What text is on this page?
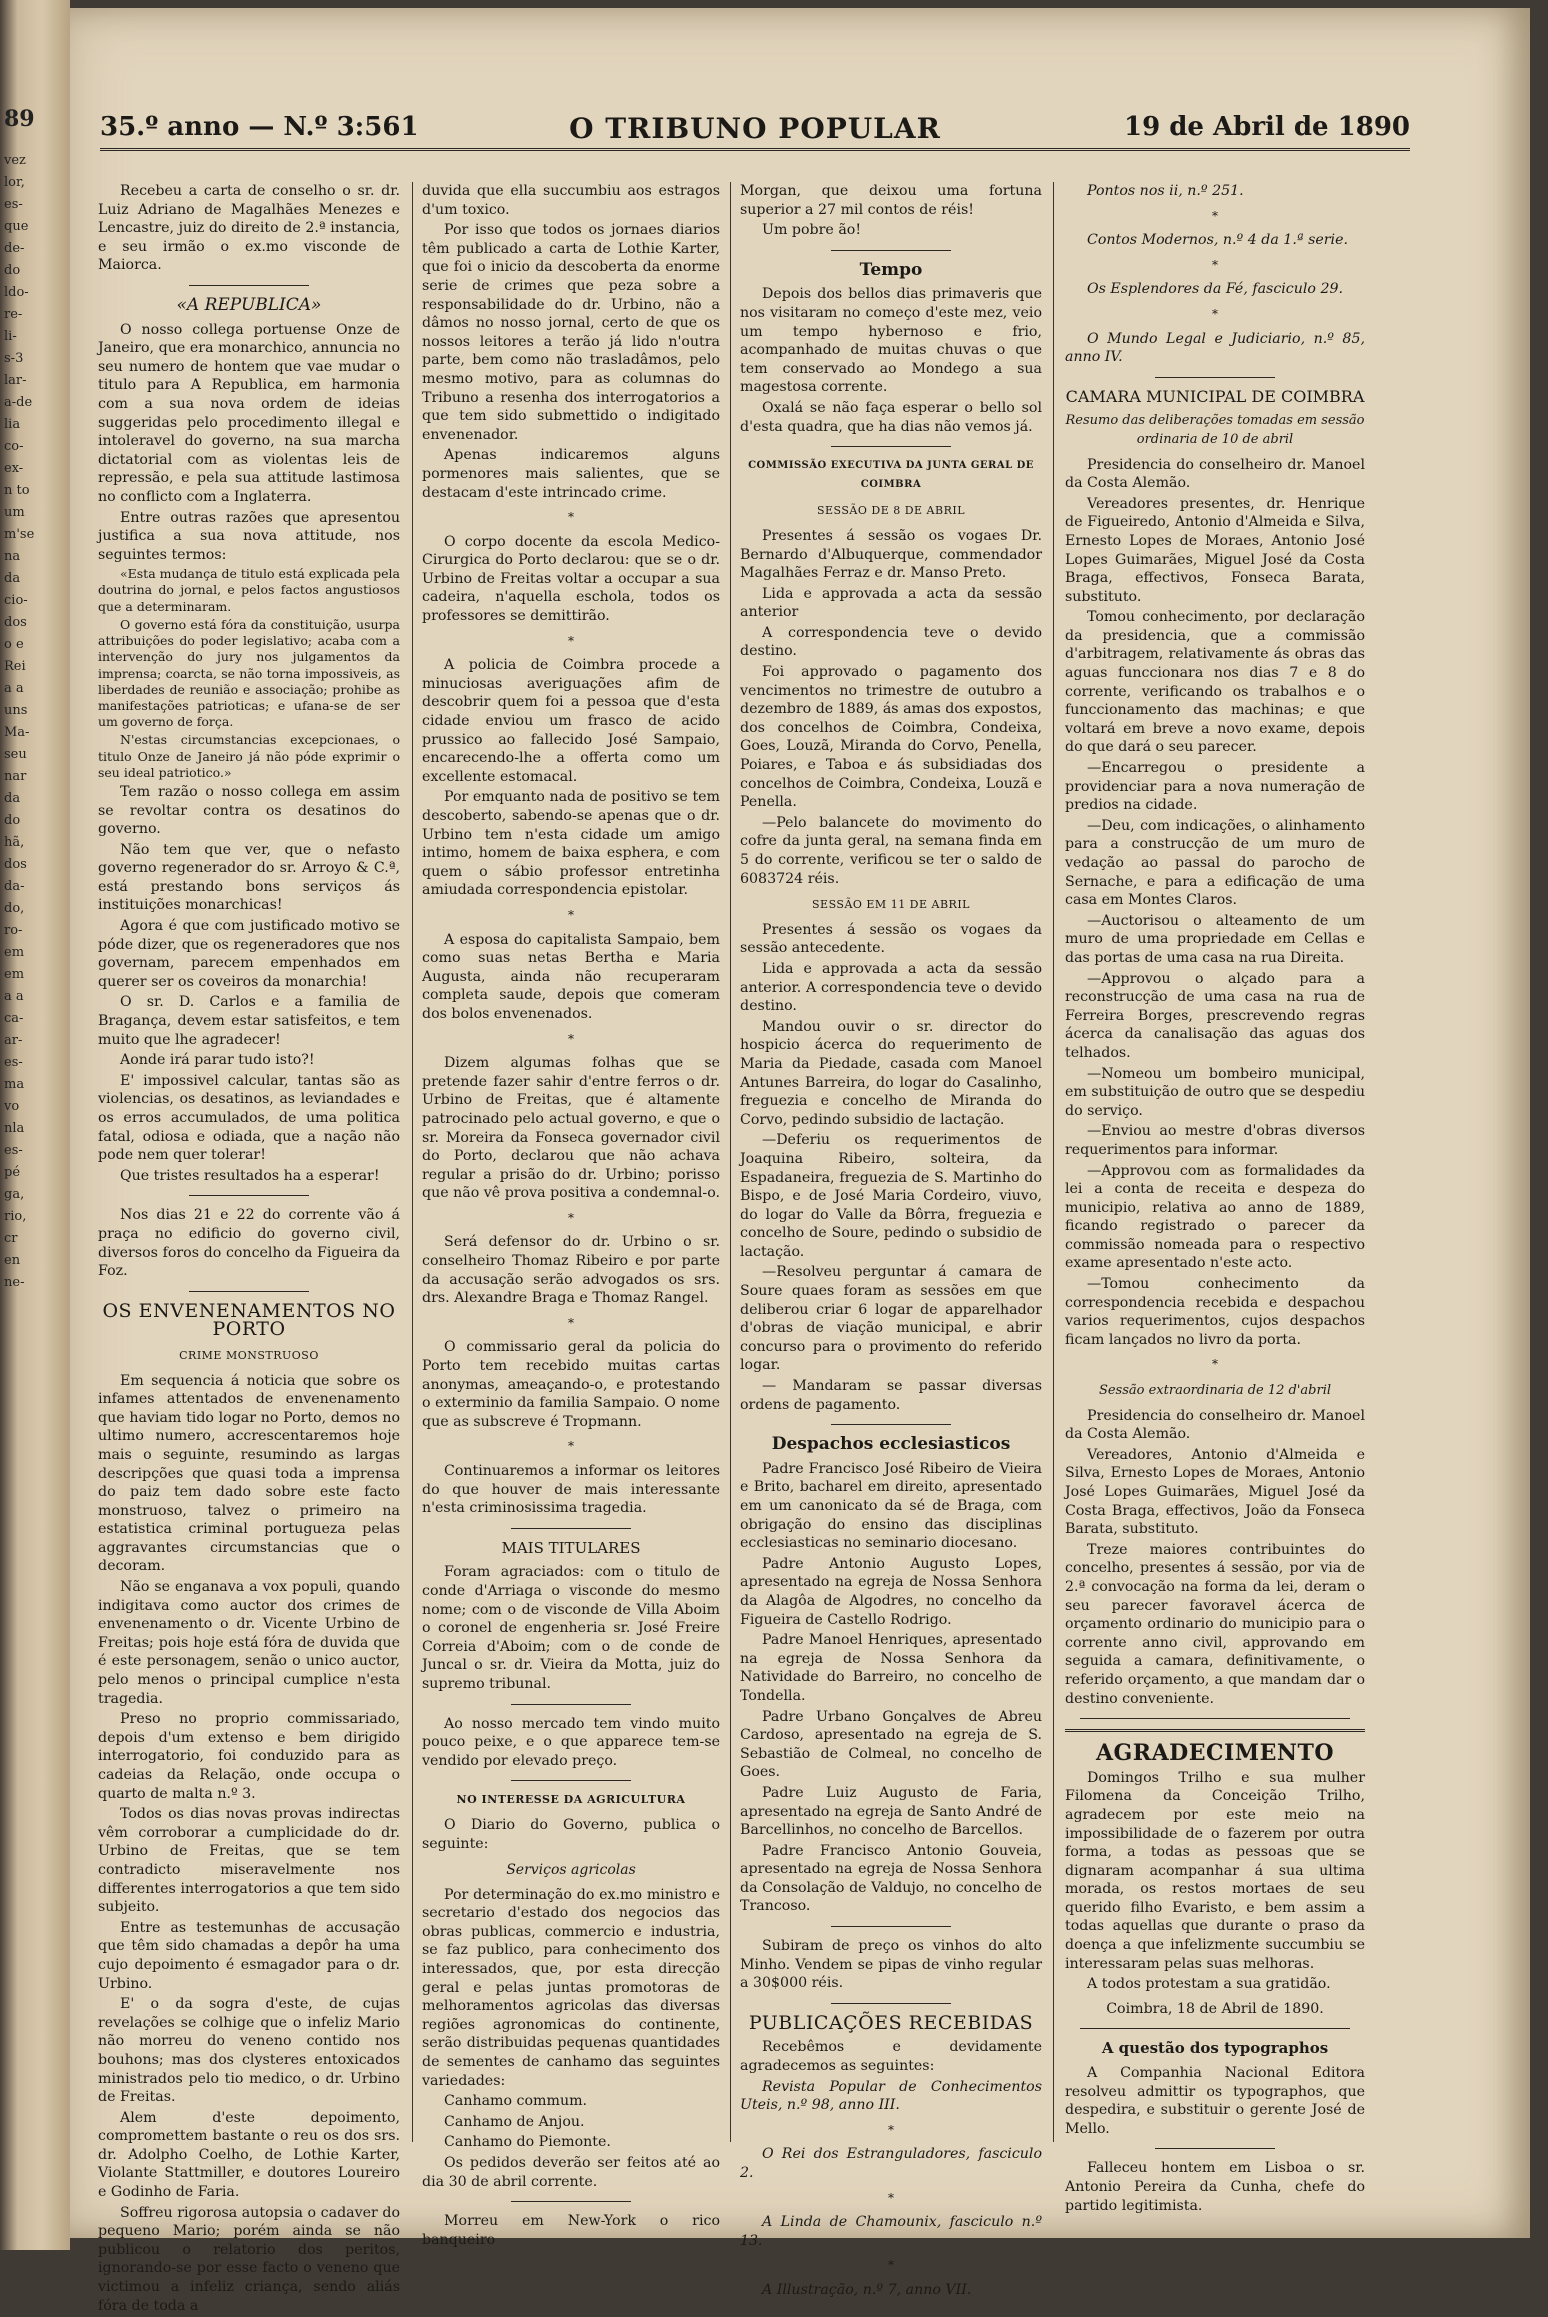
89
vez
lor,
es-
que
de-
do
ldo-
re-
li-
s-3
lar-
a-de
lia
co-
ex-
n to
um
m'se
na
da
cio-
dos
o e
Rei
a a
uns
Ma-
seu
nar
da
do
hã,
dos
da-
do,
ro-
em
em
a a
ca-
ar-
es-
ma
vo
nla
es-
pé
ga,
rio,
cr
en
ne-
35.º anno — N.º 3:561	O TRIBUNO POPULAR	19 de Abril de 1890

Recebeu a carta de conselho o sr. dr. Luiz Adriano de Magalhães Menezes e Lencastre, juiz do direito de 2.ª instancia, e seu irmão o ex.mo visconde de Maiorca.

«A REPUBLICA»

O nosso collega portuense Onze de Janeiro, que era monarchico, annuncia no seu numero de hontem que vae mudar o titulo para A Republica, em harmonia com a sua nova ordem de ideias suggeridas pelo procedimento illegal e intoleravel do governo, na sua marcha dictatorial com as violentas leis de repressão, e pela sua attitude lastimosa no conflicto com a Inglaterra.

Entre outras razões que apresentou justifica a sua nova attitude, nos seguintes termos:

«Esta mudança de titulo está explicada pela doutrina do jornal, e pelos factos angustiosos que a determinaram.

O governo está fóra da constituição, usurpa attribuições do poder legislativo; acaba com a intervenção do jury nos julgamentos da imprensa; coarcta, se não torna impossiveis, as liberdades de reunião e associação; prohibe as manifestações patrioticas; e ufana-se de ser um governo de força.

N'estas circumstancias excepcionaes, o titulo Onze de Janeiro já não póde exprimir o seu ideal patriotico.»

Tem razão o nosso collega em assim se revoltar contra os desatinos do governo.

Não tem que ver, que o nefasto governo regenerador do sr. Arroyo & C.ª, está prestando bons serviços ás instituições monarchicas!

Agora é que com justificado motivo se póde dizer, que os regeneradores que nos governam, parecem empenhados em querer ser os coveiros da monarchia!

O sr. D. Carlos e a familia de Bragança, devem estar satisfeitos, e tem muito que lhe agradecer!

Aonde irá parar tudo isto?!

E' impossivel calcular, tantas são as violencias, os desatinos, as leviandades e os erros accumulados, de uma politica fatal, odiosa e odiada, que a nação não pode nem quer tolerar!

Que tristes resultados ha a esperar!

Nos dias 21 e 22 do corrente vão á praça no edificio do governo civil, diversos foros do concelho da Figueira da Foz.

OS ENVENENAMENTOS NO PORTO
CRIME MONSTRUOSO

Em sequencia á noticia que sobre os infames attentados de envenenamento que haviam tido logar no Porto, demos no ultimo numero, accrescentaremos hoje mais o seguinte, resumindo as largas descripções que quasi toda a imprensa do paiz tem dado sobre este facto monstruoso, talvez o primeiro na estatistica criminal portugueza pelas aggravantes circumstancias que o decoram.

Não se enganava a vox populi, quando indigitava como auctor dos crimes de envenenamento o dr. Vicente Urbino de Freitas; pois hoje está fóra de duvida que é este personagem, senão o unico auctor, pelo menos o principal cumplice n'esta tragedia.

Preso no proprio commissariado, depois d'um extenso e bem dirigido interrogatorio, foi conduzido para as cadeias da Relação, onde occupa o quarto de malta n.º 3.

Todos os dias novas provas indirectas vêm corroborar a cumplicidade do dr. Urbino de Freitas, que se tem contradicto miseravelmente nos differentes interrogatorios a que tem sido subjeito.

Entre as testemunhas de accusação que têm sido chamadas a depôr ha uma cujo depoimento é esmagador para o dr. Urbino.

E' o da sogra d'este, de cujas revelações se colhige que o infeliz Mario não morreu do veneno contido nos bouhons; mas dos clysteres entoxicados ministrados pelo tio medico, o dr. Urbino de Freitas.

Alem d'este depoimento, compromettem bastante o reu os dos srs. dr. Adolpho Coelho, de Lothie Karter, Violante Stattmiller, e doutores Loureiro e Godinho de Faria.

Soffreu rigorosa autopsia o cadaver do pequeno Mario; porém ainda se não publicou o relatorio dos peritos, ignorando-se por esse facto o veneno que victimou a infeliz criança, sendo aliás fóra de toda a

duvida que ella succumbiu aos estragos d'um toxico.

Por isso que todos os jornaes diarios têm publicado a carta de Lothie Karter, que foi o inicio da descoberta da enorme serie de crimes que peza sobre a responsabilidade do dr. Urbino, não a dâmos no nosso jornal, certo de que os nossos leitores a terão já lido n'outra parte, bem como não trasladâmos, pelo mesmo motivo, para as columnas do Tribuno a resenha dos interrogatorios a que tem sido submettido o indigitado envenenador.

Apenas indicaremos alguns pormenores mais salientes, que se destacam d'este intrincado crime.

*

O corpo docente da escola Medico-Cirurgica do Porto declarou: que se o dr. Urbino de Freitas voltar a occupar a sua cadeira, n'aquella eschola, todos os professores se demittirão.

*

A policia de Coimbra procede a minuciosas averiguações afim de descobrir quem foi a pessoa que d'esta cidade enviou um frasco de acido prussico ao fallecido José Sampaio, encarecendo-lhe a offerta como um excellente estomacal.

Por emquanto nada de positivo se tem descoberto, sabendo-se apenas que o dr. Urbino tem n'esta cidade um amigo intimo, homem de baixa esphera, e com quem o sábio professor entretinha amiudada correspondencia epistolar.

*

A esposa do capitalista Sampaio, bem como suas netas Bertha e Maria Augusta, ainda não recuperaram completa saude, depois que comeram dos bolos envenenados.

*

Dizem algumas folhas que se pretende fazer sahir d'entre ferros o dr. Urbino de Freitas, que é altamente patrocinado pelo actual governo, e que o sr. Moreira da Fonseca governador civil do Porto, declarou que não achava regular a prisão do dr. Urbino; porisso que não vê prova positiva a condemnal-o.

*

Será defensor do dr. Urbino o sr. conselheiro Thomaz Ribeiro e por parte da accusação serão advogados os srs. drs. Alexandre Braga e Thomaz Rangel.

*

O commissario geral da policia do Porto tem recebido muitas cartas anonymas, ameaçando-o, e protestando o exterminio da familia Sampaio. O nome que as subscreve é Tropmann.

*

Continuaremos a informar os leitores do que houver de mais interessante n'esta criminosissima tragedia.

MAIS TITULARES

Foram agraciados: com o titulo de conde d'Arriaga o visconde do mesmo nome; com o de visconde de Villa Aboim o coronel de engenheria sr. José Freire Correia d'Aboim; com o de conde de Juncal o sr. dr. Vieira da Motta, juiz do supremo tribunal.

Ao nosso mercado tem vindo muito pouco peixe, e o que apparece tem-se vendido por elevado preço.

NO INTERESSE DA AGRICULTURA

O Diario do Governo, publica o seguinte:

Serviços agricolas

Por determinação do ex.mo ministro e secretario d'estado dos negocios das obras publicas, commercio e industria, se faz publico, para conhecimento dos interessados, que, por esta direcção geral e pelas juntas promotoras de melhoramentos agricolas das diversas regiões agronomicas do continente, serão distribuidas pequenas quantidades de sementes de canhamo das seguintes variedades:

Canhamo commum.

Canhamo de Anjou.

Canhamo do Piemonte.

Os pedidos deverão ser feitos até ao dia 30 de abril corrente.

Morreu em New-York o rico banqueiro

Morgan, que deixou uma fortuna superior a 27 mil contos de réis!

Um pobre ão!

Tempo

Depois dos bellos dias primaveris que nos visitaram no começo d'este mez, veio um tempo hybernoso e frio, acompanhado de muitas chuvas o que tem conservado ao Mondego a sua magestosa corrente.

Oxalá se não faça esperar o bello sol d'esta quadra, que ha dias não vemos já.

COMMISSÃO EXECUTIVA DA JUNTA GERAL DE COIMBRA
SESSÃO DE 8 DE ABRIL

Presentes á sessão os vogaes Dr. Bernardo d'Albuquerque, commendador Magalhães Ferraz e dr. Manso Preto.

Lida e approvada a acta da sessão anterior

A correspondencia teve o devido destino.

Foi approvado o pagamento dos vencimentos no trimestre de outubro a dezembro de 1889, ás amas dos expostos, dos concelhos de Coimbra, Condeixa, Goes, Louzã, Miranda do Corvo, Penella, Poiares, e Taboa e ás subsidiadas dos concelhos de Coimbra, Condeixa, Louzã e Penella.

—Pelo balancete do movimento do cofre da junta geral, na semana finda em 5 do corrente, verificou se ter o saldo de 6083724 réis.

SESSÃO EM 11 DE ABRIL

Presentes á sessão os vogaes da sessão antecedente.

Lida e approvada a acta da sessão anterior. A correspondencia teve o devido destino.

Mandou ouvir o sr. director do hospicio ácerca do requerimento de Maria da Piedade, casada com Manoel Antunes Barreira, do logar do Casalinho, freguezia e concelho de Miranda do Corvo, pedindo subsidio de lactação.

—Deferiu os requerimentos de Joaquina Ribeiro, solteira, da Espadaneira, freguezia de S. Martinho do Bispo, e de José Maria Cordeiro, viuvo, do logar do Valle da Bôrra, freguezia e concelho de Soure, pedindo o subsidio de lactação.

—Resolveu perguntar á camara de Soure quaes foram as sessões em que deliberou criar 6 logar de apparelhador d'obras de viação municipal, e abrir concurso para o provimento do referido logar.

— Mandaram se passar diversas ordens de pagamento.

Despachos ecclesiasticos

Padre Francisco José Ribeiro de Vieira e Brito, bacharel em direito, apresentado em um canonicato da sé de Braga, com obrigação do ensino das disciplinas ecclesiasticas no seminario diocesano.

Padre Antonio Augusto Lopes, apresentado na egreja de Nossa Senhora da Alagôa de Algodres, no concelho da Figueira de Castello Rodrigo.

Padre Manoel Henriques, apresentado na egreja de Nossa Senhora da Natividade do Barreiro, no concelho de Tondella.

Padre Urbano Gonçalves de Abreu Cardoso, apresentado na egreja de S. Sebastião de Colmeal, no concelho de Goes.

Padre Luiz Augusto de Faria, apresentado na egreja de Santo André de Barcellinhos, no concelho de Barcellos.

Padre Francisco Antonio Gouveia, apresentado na egreja de Nossa Senhora da Consolação de Valdujo, no concelho de Trancoso.

Subiram de preço os vinhos do alto Minho. Vendem se pipas de vinho regular a 30$000 réis.

PUBLICAÇÕES RECEBIDAS

Recebêmos e devidamente agradecemos as seguintes:

Revista Popular de Conhecimentos Uteis, n.º 98, anno III.

*

O Rei dos Estranguladores, fasciculo 2.

*

A Linda de Chamounix, fasciculo n.º 13.

*

A Illustração, n.º 7, anno VII.

Pontos nos ii, n.º 251.

*

Contos Modernos, n.º 4 da 1.ª serie.

*

Os Esplendores da Fé, fasciculo 29.

*

O Mundo Legal e Judiciario, n.º 85, anno IV.

CAMARA MUNICIPAL DE COIMBRA
Resumo das deliberações tomadas em sessão ordinaria de 10 de abril

Presidencia do conselheiro dr. Manoel da Costa Alemão.

Vereadores presentes, dr. Henrique de Figueiredo, Antonio d'Almeida e Silva, Ernesto Lopes de Moraes, Antonio José Lopes Guimarães, Miguel José da Costa Braga, effectivos, Fonseca Barata, substituto.

Tomou conhecimento, por declaração da presidencia, que a commissão d'arbitragem, relativamente ás obras das aguas funccionara nos dias 7 e 8 do corrente, verificando os trabalhos e o funccionamento das machinas; e que voltará em breve a novo exame, depois do que dará o seu parecer.

—Encarregou o presidente a providenciar para a nova numeração de predios na cidade.

—Deu, com indicações, o alinhamento para a construcção de um muro de vedação ao passal do parocho de Sernache, e para a edificação de uma casa em Montes Claros.

—Auctorisou o alteamento de um muro de uma propriedade em Cellas e das portas de uma casa na rua Direita.

—Approvou o alçado para a reconstrucção de uma casa na rua de Ferreira Borges, prescrevendo regras ácerca da canalisação das aguas dos telhados.

—Nomeou um bombeiro municipal, em substituição de outro que se despediu do serviço.

—Enviou ao mestre d'obras diversos requerimentos para informar.

—Approvou com as formalidades da lei a conta de receita e despeza do municipio, relativa ao anno de 1889, ficando registrado o parecer da commissão nomeada para o respectivo exame apresentado n'este acto.

—Tomou conhecimento da correspondencia recebida e despachou varios requerimentos, cujos despachos ficam lançados no livro da porta.

*
Sessão extraordinaria de 12 d'abril

Presidencia do conselheiro dr. Manoel da Costa Alemão.

Vereadores, Antonio d'Almeida e Silva, Ernesto Lopes de Moraes, Antonio José Lopes Guimarães, Miguel José da Costa Braga, effectivos, João da Fonseca Barata, substituto.

Treze maiores contribuintes do concelho, presentes á sessão, por via de 2.ª convocação na forma da lei, deram o seu parecer favoravel ácerca de orçamento ordinario do municipio para o corrente anno civil, approvando em seguida a camara, definitivamente, o referido orçamento, a que mandam dar o destino conveniente.

AGRADECIMENTO

Domingos Trilho e sua mulher Filomena da Conceição Trilho, agradecem por este meio na impossibilidade de o fazerem por outra forma, a todas as pessoas que se dignaram acompanhar á sua ultima morada, os restos mortaes de seu querido filho Evaristo, e bem assim a todas aquellas que durante o praso da doença a que infelizmente succumbiu se interessaram pelas suas melhoras.

A todos protestam a sua gratidão.

Coimbra, 18 de Abril de 1890.
A questão dos typographos

A Companhia Nacional Editora resolveu admittir os typographos, que despedira, e substituir o gerente José de Mello.

Falleceu hontem em Lisboa o sr. Antonio Pereira da Cunha, chefe do partido legitimista.
